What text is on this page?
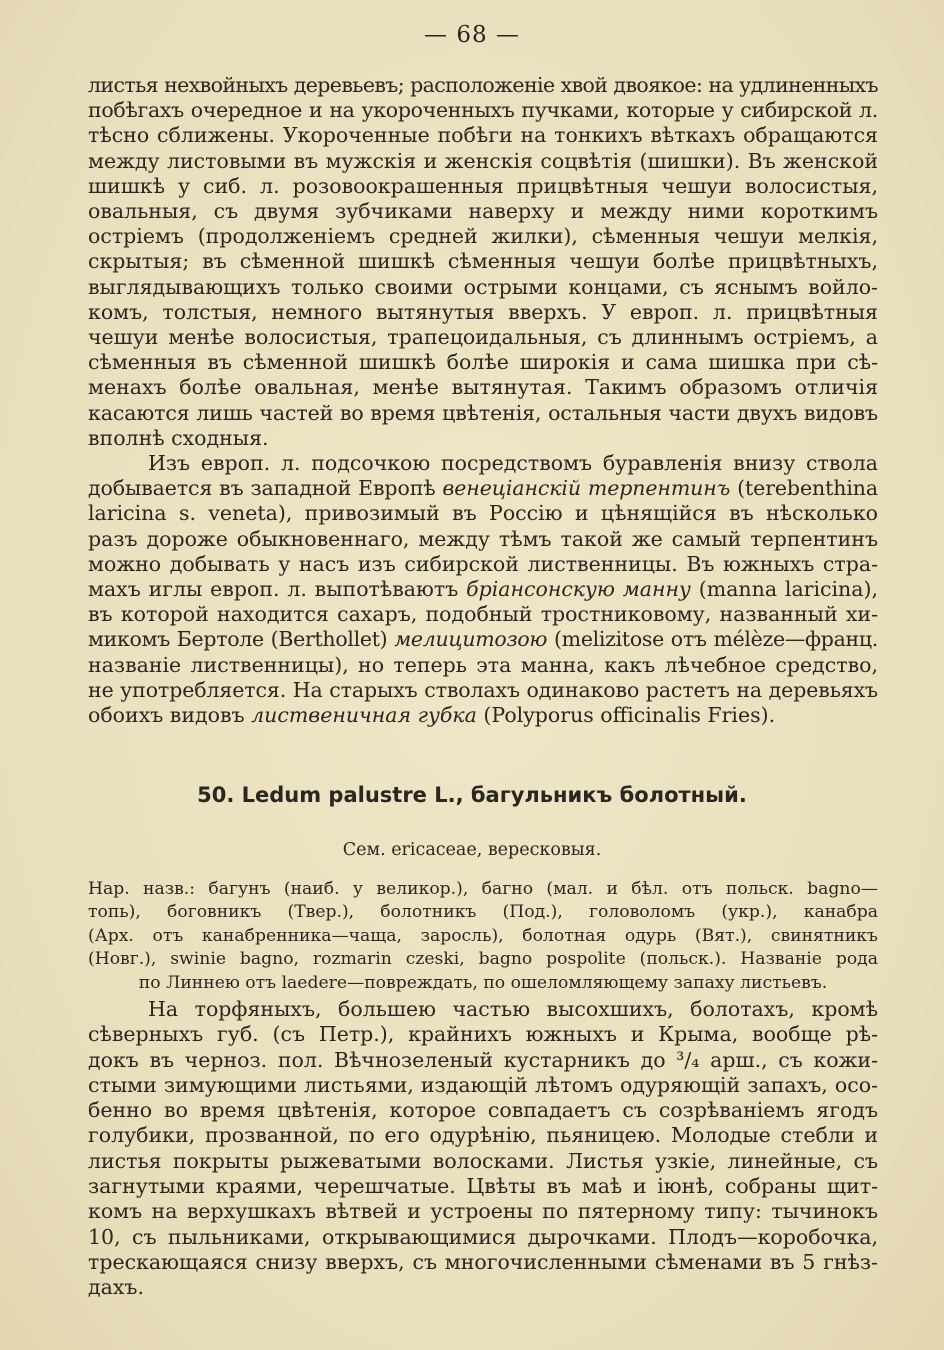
— 68 —
листья нехвойныхъ деревьевъ; расположеніе хвой двоякое: на удлиненныхъ
побѣгахъ очередное и на укороченныхъ пучками, которые у сибирской л.
тѣсно сближены. Укороченные побѣги на тонкихъ вѣткахъ обращаются
между листовыми въ мужскія и женскія соцвѣтія (шишки). Въ женской
шишкѣ у сиб. л. розовоокрашенныя прицвѣтныя чешуи волосистыя,
овальныя, съ двумя зубчиками наверху и между ними короткимъ
остріемъ (продолженіемъ средней жилки), сѣменныя чешуи мелкія,
скрытыя; въ сѣменной шишкѣ сѣменныя чешуи болѣе прицвѣтныхъ,
выглядывающихъ только своими острыми концами, съ яснымъ войло-
комъ, толстыя, немного вытянутыя вверхъ. У европ. л. прицвѣтныя
чешуи менѣе волосистыя, трапецоидальныя, съ длиннымъ остріемъ, а
сѣменныя въ сѣменной шишкѣ болѣе широкія и сама шишка при сѣ-
менахъ болѣе овальная, менѣе вытянутая. Такимъ образомъ отличія
касаются лишь частей во время цвѣтенія, остальныя части двухъ видовъ
вполнѣ сходныя.
Изъ европ. л. подсочкою посредствомъ буравленія внизу ствола
добывается въ западной Европѣ венеціанскій терпентинъ (terebenthina
laricina s. veneta), привозимый въ Россію и цѣнящійся въ нѣсколько
разъ дороже обыкновеннаго, между тѣмъ такой же самый терпентинъ
можно добывать у насъ изъ сибирской лиственницы. Въ южныхъ стра-
махъ иглы европ. л. выпотѣваютъ бріансонскую манну (manna laricina),
въ которой находится сахаръ, подобный тростниковому, названный хи-
микомъ Бертоле (Berthollet) мелицитозою (melizitose отъ mélèze—франц.
названіе лиственницы), но теперь эта манна, какъ лѣчебное средство,
не употребляется. На старыхъ стволахъ одинаково растетъ на деревьяхъ
обоихъ видовъ лиственичная губка (Polyporus officinalis Fries).
50. Ledum palustre L., багульникъ болотный.
Сем. ericaceae, вересковыя.
Нар. назв.: багунъ (наиб. у великор.), багно (мал. и бѣл. отъ польск. bagno—
топь), боговникъ (Твер.), болотникъ (Под.), головоломъ (укр.), канабра
(Арх. отъ канабренника—чаща, заросль), болотная одурь (Вят.), свинятникъ
(Новг.), swinie bagno, rozmarin czeski, bagno pospolite (польск.). Названіе рода
по Линнею отъ laedere—повреждать, по ошеломляющему запаху листьевъ.
На торфяныхъ, большею частью высохшихъ, болотахъ, кромѣ
сѣверныхъ губ. (съ Петр.), крайнихъ южныхъ и Крыма, вообще рѣ-
докъ въ черноз. пол. Вѣчнозеленый кустарникъ до ³/₄ арш., съ кожи-
стыми зимующими листьями, издающій лѣтомъ одуряющій запахъ, осо-
бенно во время цвѣтенія, которое совпадаетъ съ созрѣваніемъ ягодъ
голубики, прозванной, по его одурѣнію, пьяницею. Молодые стебли и
листья покрыты рыжеватыми волосками. Листья узкіе, линейные, съ
загнутыми краями, черешчатые. Цвѣты въ маѣ и іюнѣ, собраны щит-
комъ на верхушкахъ вѣтвей и устроены по пятерному типу: тычинокъ
10, съ пыльниками, открывающимися дырочками. Плодъ—коробочка,
трескающаяся снизу вверхъ, съ многочисленными сѣменами въ 5 гнѣз-
дахъ.
